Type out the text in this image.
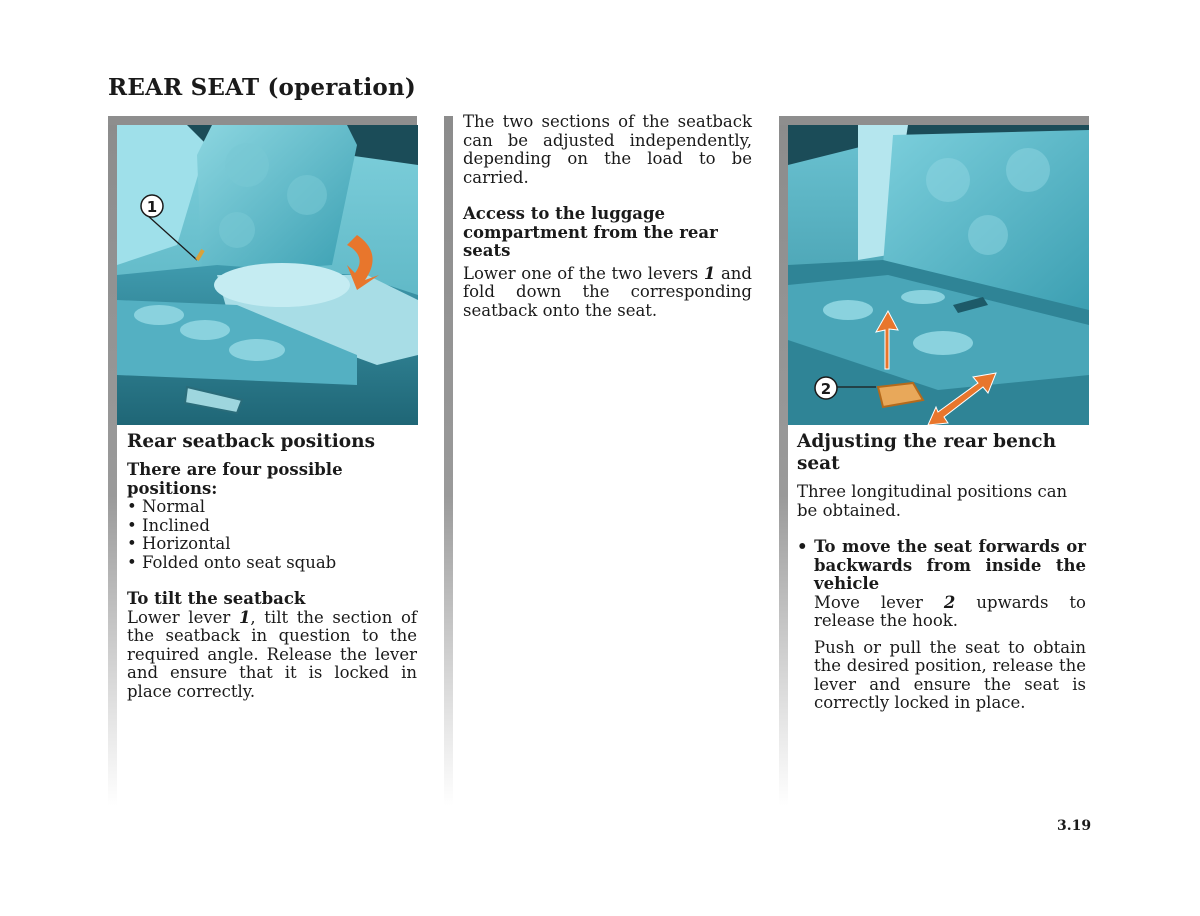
REAR SEAT (operation)
1

Rear seatback positions

There are four possible positions:

• Normal
• Inclined
• Horizontal
• Folded onto seat squab

To tilt the seatback

Lower lever 1, tilt the section of the seatback in question to the required angle. Release the lever and ensure that it is locked in place correctly.

The two sections of the seatback can be adjusted independently, depending on the load to be carried.

Access to the luggage compartment from the rear seats

Lower one of the two levers 1 and fold down the corresponding seatback onto the seat.

2

Adjusting the rear bench seat

Three longitudinal positions can be obtained.

• To move the seat forwards or backwards from inside the vehicle

Move lever 2 upwards to release the hook.

Push or pull the seat to obtain the desired position, release the lever and ensure the seat is correctly locked in place.

3.19
